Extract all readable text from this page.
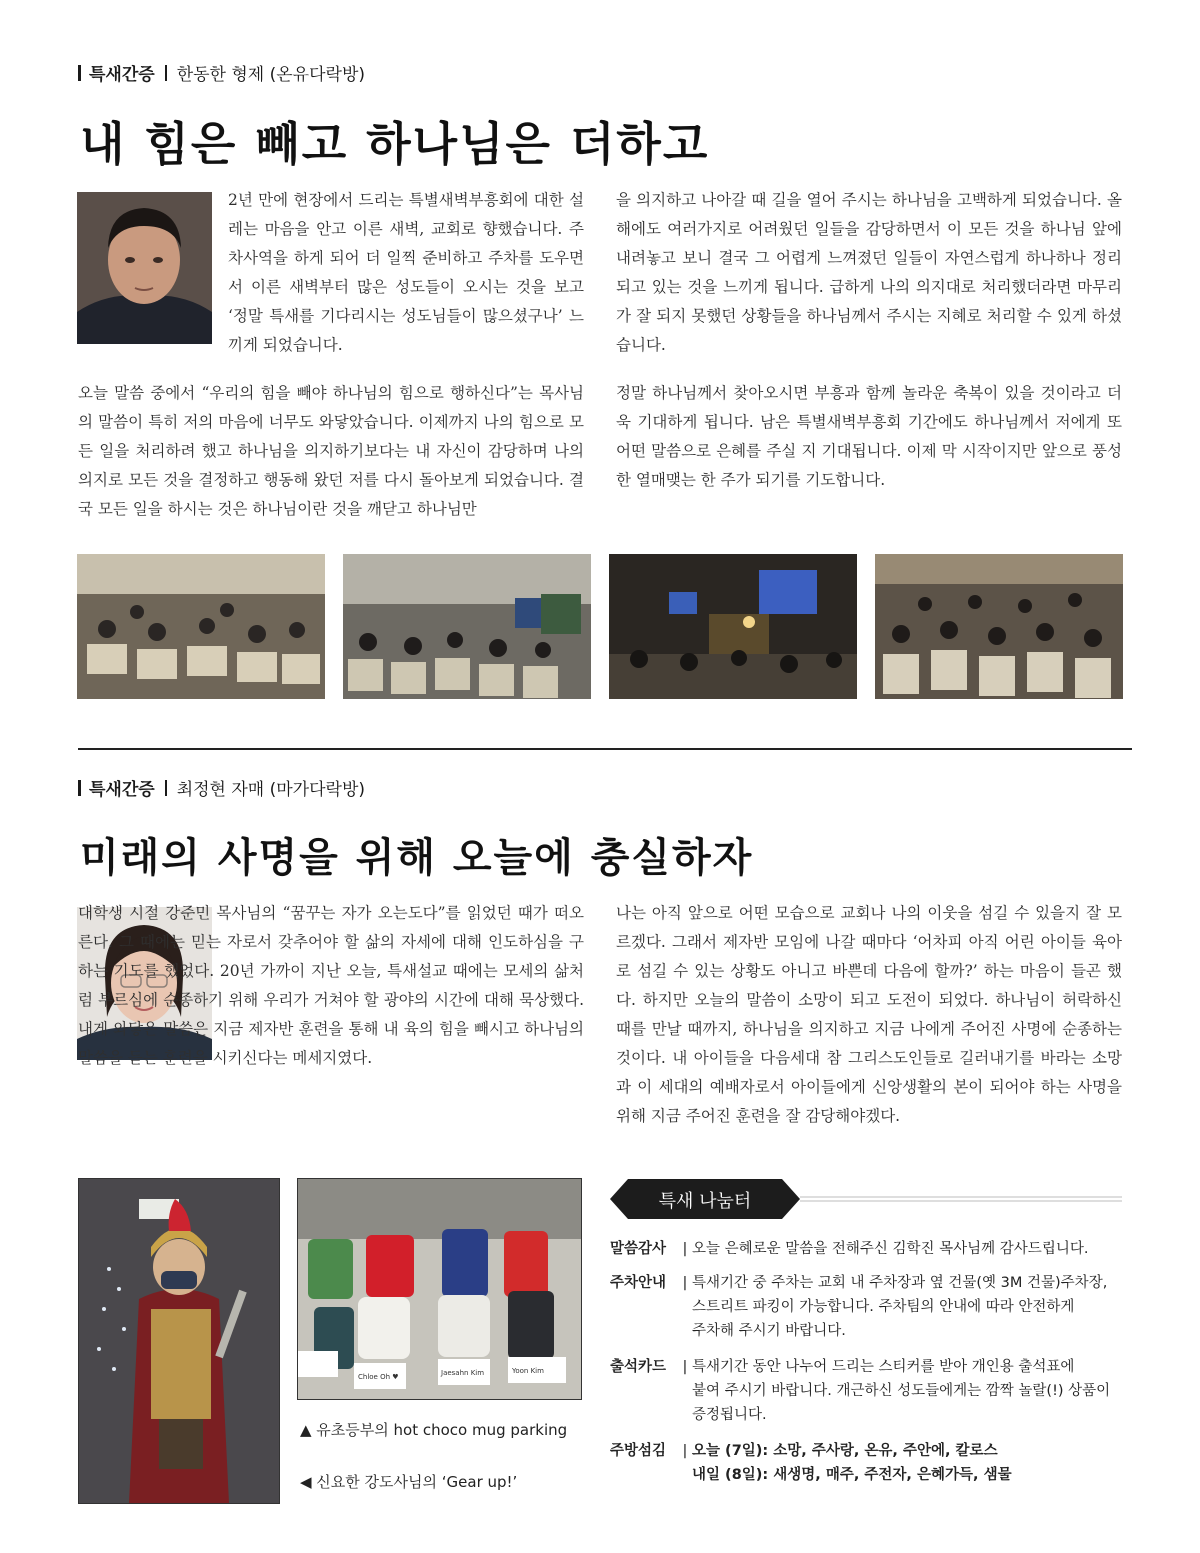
특새간증 한동한 형제 (온유다락방)
내 힘은 빼고 하나님은 더하고
2년 만에 현장에서 드리는 특별새벽부흥회에 대한 설레는 마음을 안고 이른 새벽, 교회로 향했습니다. 주차사역을 하게 되어 더 일찍 준비하고 주차를 도우면서 이른 새벽부터 많은 성도들이 오시는 것을 보고 ‘정말 특새를 기다리시는 성도님들이 많으셨구나’ 느끼게 되었습니다.
오늘 말씀 중에서 “우리의 힘을 빼야 하나님의 힘으로 행하신다”는 목사님의 말씀이 특히 저의 마음에 너무도 와닿았습니다. 이제까지 나의 힘으로 모든 일을 처리하려 했고 하나님을 의지하기보다는 내 자신이 감당하며 나의 의지로 모든 것을 결정하고 행동해 왔던 저를 다시 돌아보게 되었습니다. 결국 모든 일을 하시는 것은 하나님이란 것을 깨닫고 하나님만
을 의지하고 나아갈 때 길을 열어 주시는 하나님을 고백하게 되었습니다. 올해에도 여러가지로 어려웠던 일들을 감당하면서 이 모든 것을 하나님 앞에 내려놓고 보니 결국 그 어렵게 느껴졌던 일들이 자연스럽게 하나하나 정리되고 있는 것을 느끼게 됩니다. 급하게 나의 의지대로 처리했더라면 마무리가 잘 되지 못했던 상황들을 하나님께서 주시는 지혜로 처리할 수 있게 하셨습니다.
정말 하나님께서 찾아오시면 부흥과 함께 놀라운 축복이 있을 것이라고 더욱 기대하게 됩니다. 남은 특별새벽부흥회 기간에도 하나님께서 저에게 또 어떤 말씀으로 은혜를 주실 지 기대됩니다. 이제 막 시작이지만 앞으로 풍성한 열매맺는 한 주가 되기를 기도합니다.
특새간증 최정현 자매 (마가다락방)
미래의 사명을 위해 오늘에 충실하자
대학생 시절 강준민 목사님의 “꿈꾸는 자가 오는도다”를 읽었던 때가 떠오른다. 그 때에는 믿는 자로서 갖추어야 할 삶의 자세에 대해 인도하심을 구하는 기도를 했었다. 20년 가까이 지난 오늘, 특새설교 때에는 모세의 삶처럼 부르심에 순종하기 위해 우리가 거쳐야 할 광야의 시간에 대해 묵상했다. 내게 와닿은 말씀은 지금 제자반 훈련을 통해 내 육의 힘을 빼시고 하나님의 말씀을 듣는 훈련을 시키신다는 메세지였다.
나는 아직 앞으로 어떤 모습으로 교회나 나의 이웃을 섬길 수 있을지 잘 모르겠다. 그래서 제자반 모임에 나갈 때마다 ‘어차피 아직 어린 아이들 육아로 섬길 수 있는 상황도 아니고 바쁜데 다음에 할까?’ 하는 마음이 들곤 했다. 하지만 오늘의 말씀이 소망이 되고 도전이 되었다. 하나님이 허락하신 때를 만날 때까지, 하나님을 의지하고 지금 나에게 주어진 사명에 순종하는 것이다. 내 아이들을 다음세대 참 그리스도인들로 길러내기를 바라는 소망과 이 세대의 예배자로서 아이들에게 신앙생활의 본이 되어야 하는 사명을 위해 지금 주어진 훈련을 잘 감당해야겠다.
Chloe Oh ♥	Jaesahn Kim	Yoon Kim
▲ 유초등부의 hot choco mug parking
◀ 신요한 강도사님의 ‘Gear up!’
특새 나눔터
말씀감사	| 오늘 은혜로운 말씀을 전해주신 김학진 목사님께 감사드립니다.
주차안내	| 특새기간 중 주차는 교회 내 주차장과 옆 건물(옛 3M 건물)주차장,
스트리트 파킹이 가능합니다. 주차팀의 안내에 따라 안전하게
주차해 주시기 바랍니다.
출석카드	| 특새기간 동안 나누어 드리는 스티커를 받아 개인용 출석표에
붙여 주시기 바랍니다. 개근하신 성도들에게는 깜짝 놀랄(!) 상품이
증정됩니다.
주방섬김	| 오늘 (7일): 소망, 주사랑, 온유, 주안에, 칼로스
내일 (8일): 새생명, 매주, 주전자, 은혜가득, 샘물
